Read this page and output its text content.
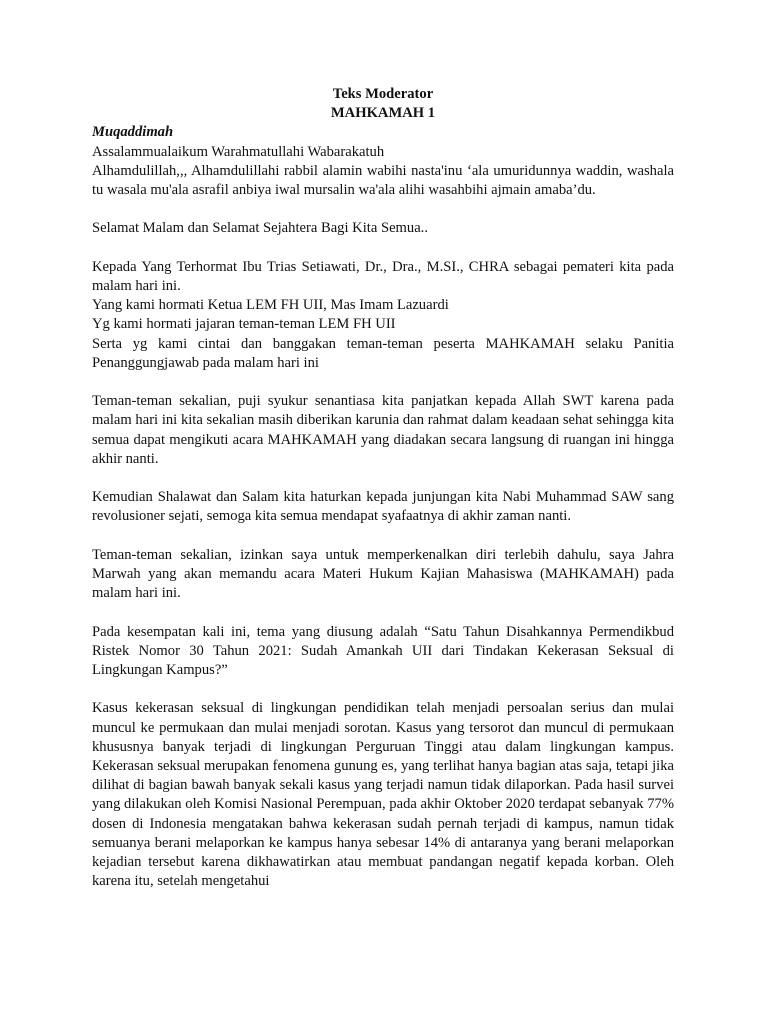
Teks Moderator

MAHKAMAH 1

Muqaddimah

Assalammualaikum Warahmatullahi Wabarakatuh

Alhamdulillah,,, Alhamdulillahi rabbil alamin wabihi nasta'inu ‘ala umuridunnya waddin, washala tu wasala mu'ala asrafil anbiya iwal mursalin wa'ala alihi wasahbihi ajmain amaba’du.

Selamat Malam dan Selamat Sejahtera Bagi Kita Semua..

Kepada Yang Terhormat Ibu Trias Setiawati, Dr., Dra., M.SI., CHRA sebagai pemateri kita pada malam hari ini.

Yang kami hormati Ketua LEM FH UII, Mas Imam Lazuardi

Yg kami hormati jajaran teman-teman LEM FH UII

Serta yg kami cintai dan banggakan teman-teman peserta MAHKAMAH selaku Panitia Penanggungjawab pada malam hari ini

Teman-teman sekalian, puji syukur senantiasa kita panjatkan kepada Allah SWT karena pada malam hari ini kita sekalian masih diberikan karunia dan rahmat dalam keadaan sehat sehingga kita semua dapat mengikuti acara MAHKAMAH yang diadakan secara langsung di ruangan ini hingga akhir nanti.

Kemudian Shalawat dan Salam kita haturkan kepada junjungan kita Nabi Muhammad SAW sang revolusioner sejati, semoga kita semua mendapat syafaatnya di akhir zaman nanti.

Teman-teman sekalian, izinkan saya untuk memperkenalkan diri terlebih dahulu, saya Jahra Marwah yang akan memandu acara Materi Hukum Kajian Mahasiswa (MAHKAMAH) pada malam hari ini.

Pada kesempatan kali ini, tema yang diusung adalah “Satu Tahun Disahkannya Permendikbud Ristek Nomor 30 Tahun 2021: Sudah Amankah UII dari Tindakan Kekerasan Seksual di Lingkungan Kampus?”

Kasus kekerasan seksual di lingkungan pendidikan telah menjadi persoalan serius dan mulai muncul ke permukaan dan mulai menjadi sorotan. Kasus yang tersorot dan muncul di permukaan khususnya banyak terjadi di lingkungan Perguruan Tinggi atau dalam lingkungan kampus. Kekerasan seksual merupakan fenomena gunung es, yang terlihat hanya bagian atas saja, tetapi jika dilihat di bagian bawah banyak sekali kasus yang terjadi namun tidak dilaporkan. Pada hasil survei yang dilakukan oleh Komisi Nasional Perempuan, pada akhir Oktober 2020 terdapat sebanyak 77% dosen di Indonesia mengatakan bahwa kekerasan sudah pernah terjadi di kampus, namun tidak semuanya berani melaporkan ke kampus hanya sebesar 14% di antaranya yang berani melaporkan kejadian tersebut karena dikhawatirkan atau membuat pandangan negatif kepada korban. Oleh karena itu, setelah mengetahui
